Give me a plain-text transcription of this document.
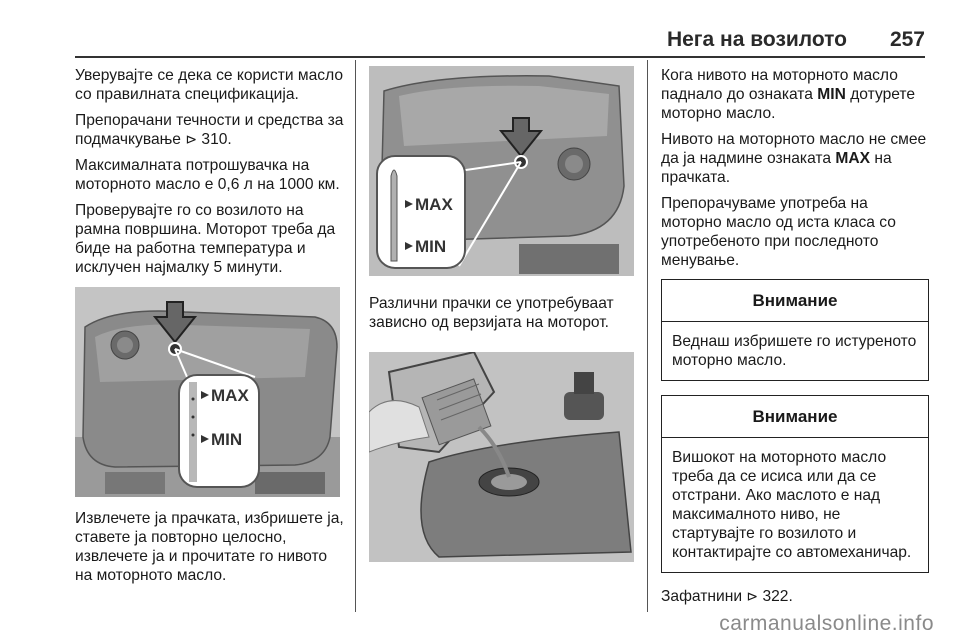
Нега на возилото 257

Уверувајте се дека се користи масло со правилната спецификација.

Препорачани течности и средства за подмачкување ⊳ 310.

Максималната потрошувачка на моторното масло е 0,6 л на 1000 км.

Проверувајте го со возилото на рамна површина. Моторот треба да биде на работна температура и исклучен најмалку 5 минути.

MAX
MIN

Извлечете ја прачката, избришете ја, ставете ја повторно целосно, извлечете ја и прочитате го нивото на моторното масло.

MAX
MIN

Различни прачки се употребуваат зависно од верзијата на моторот.

Кога нивото на моторното масло паднало до ознаката MIN дотурете моторно масло.

Нивото на моторното масло не смее да ја надмине ознаката MAX на прачката.

Препорачуваме употреба на моторно масло од иста класа со употребеното при последното менување.

Внимание
Веднаш избришете го истуреното моторно масло.
Внимание
Вишокот на моторното масло треба да се исиса или да се отстрани. Ако маслото е над максималното ниво, не стартувајте го возилото и контактирајте со автомеханичар.

Зафатнини ⊳ 322.

carmanualsonline.info
